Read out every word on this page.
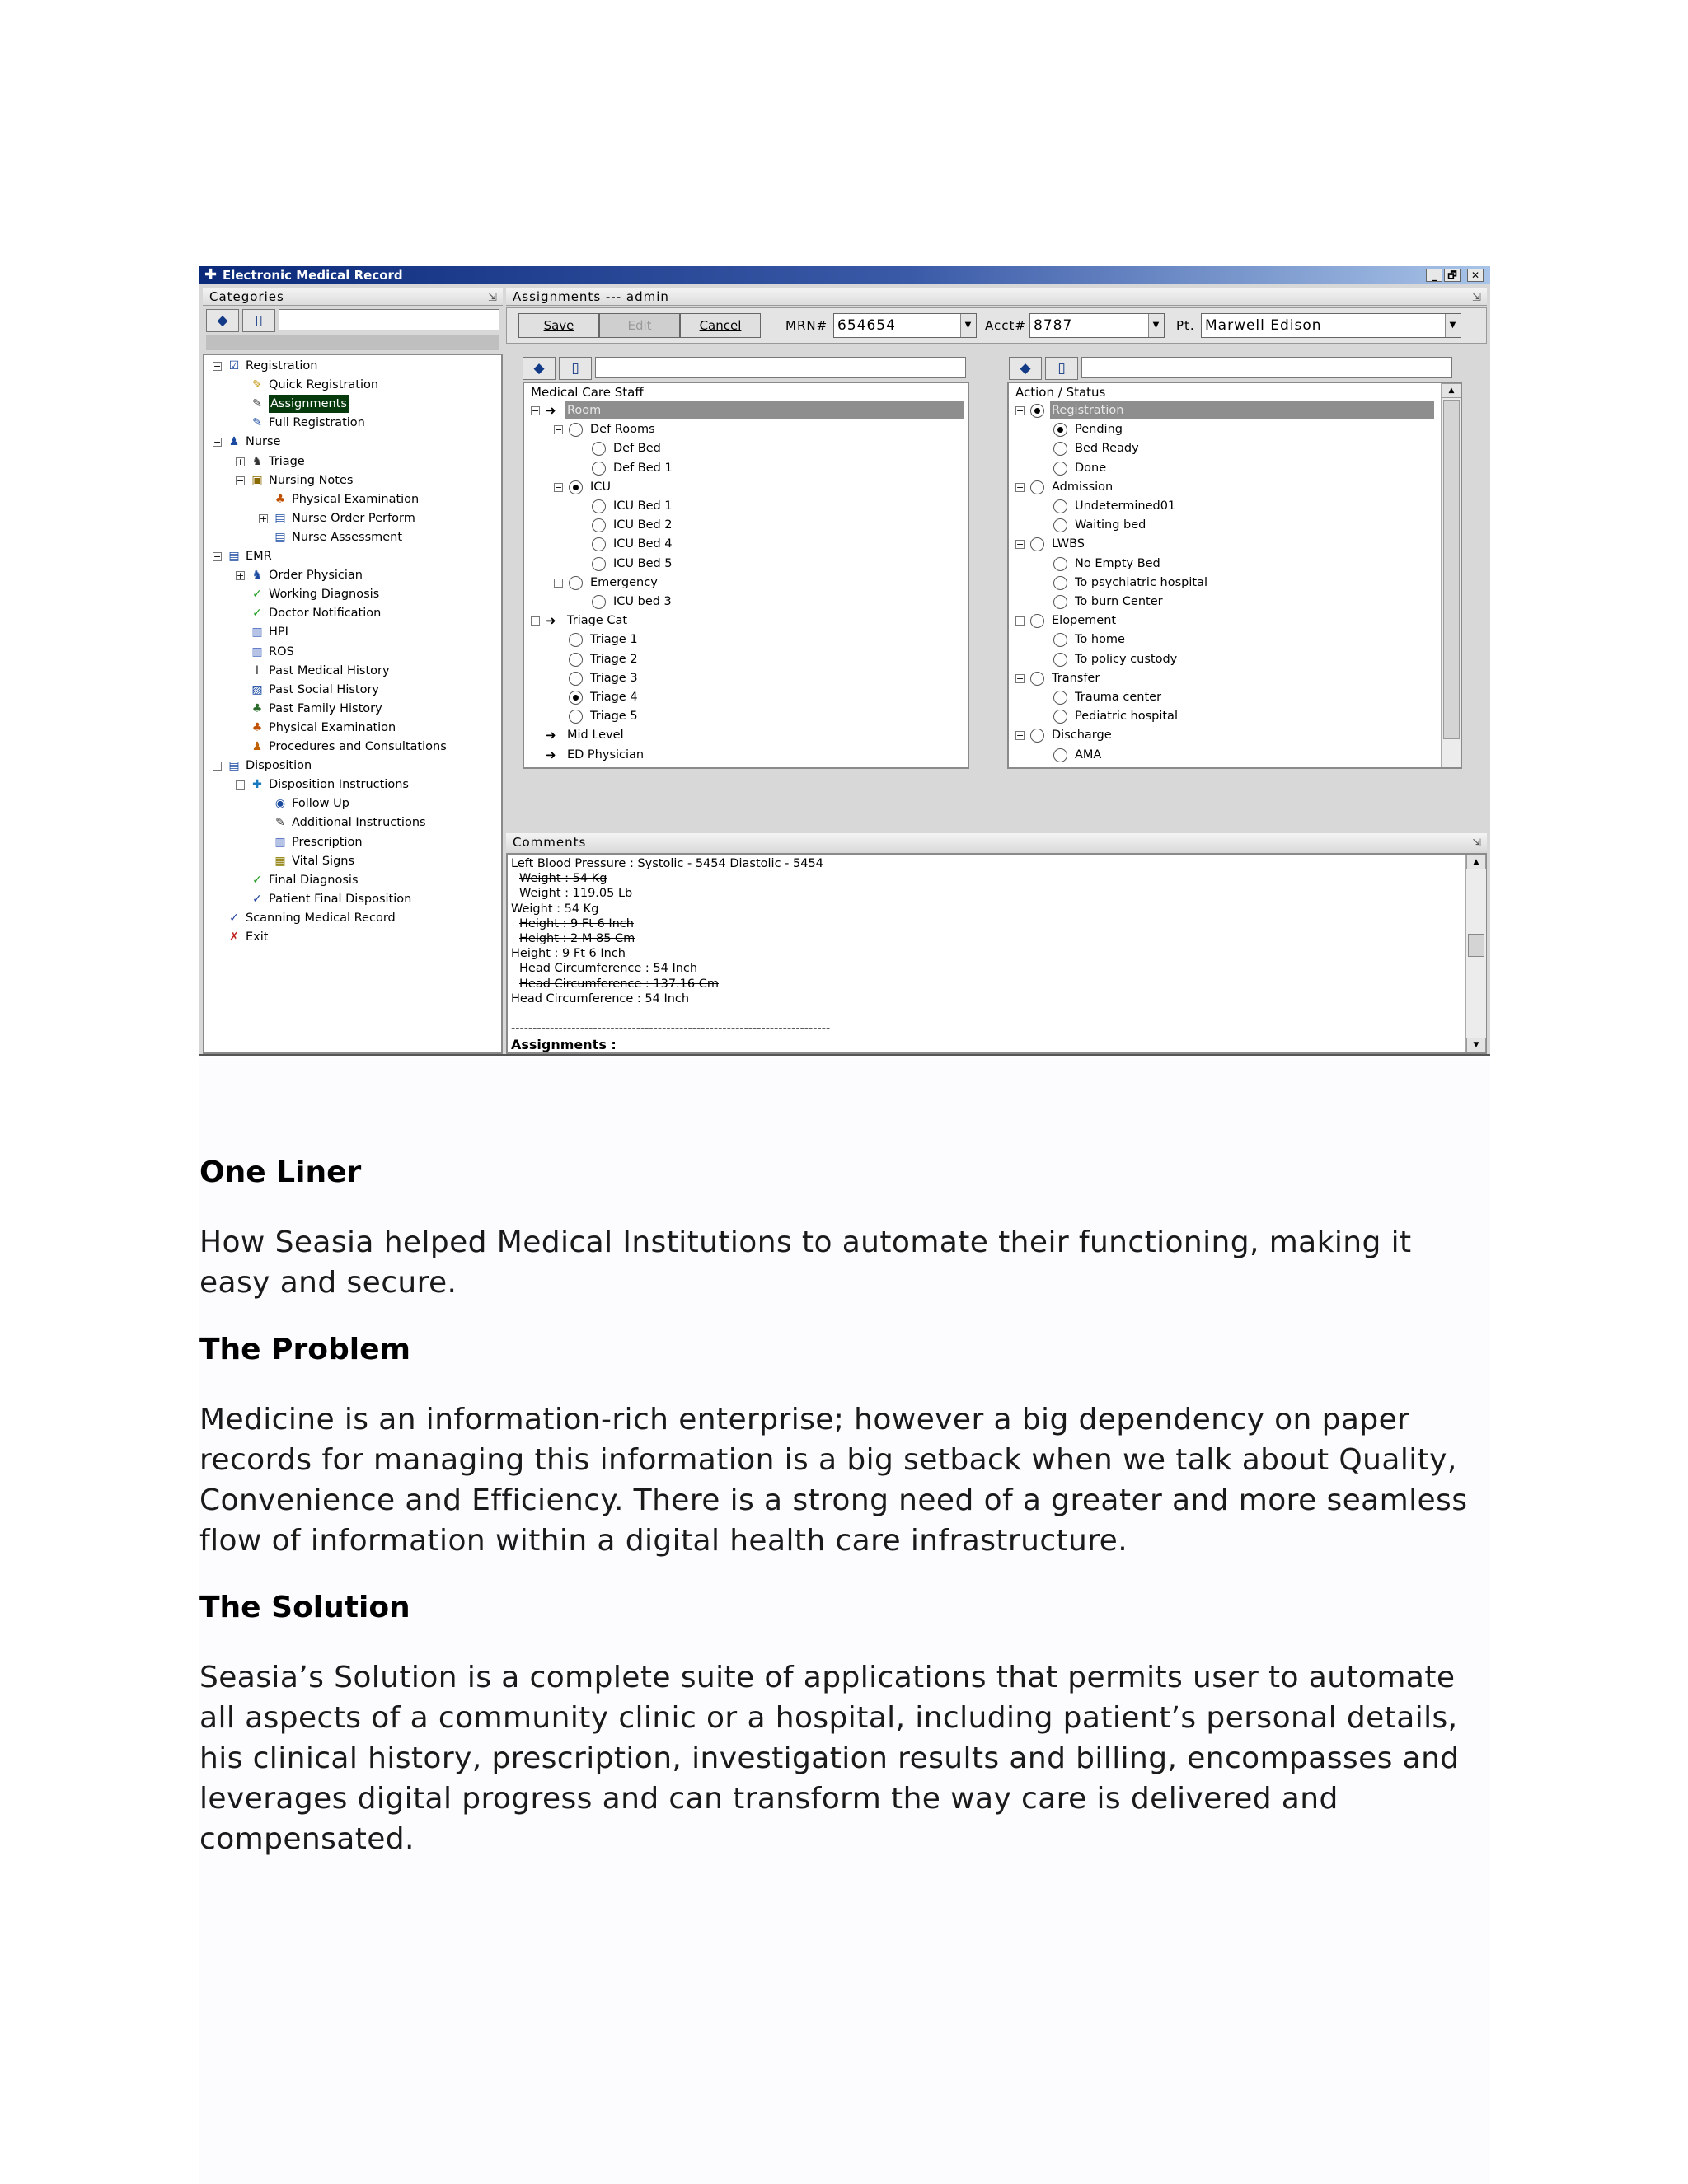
✚ Electronic Medical Record	_	🗗	✕
Categories	⇲
◆	▯
− ☑ Registration
✎ Quick Registration
✎ Assignments
✎ Full Registration
− ♟ Nurse
+ ♞ Triage
− ▣ Nursing Notes
♣ Physical Examination
+ ▤ Nurse Order Perform
▤ Nurse Assessment
− ▤ EMR
+ ♞ Order Physician
✓ Working Diagnosis
✓ Doctor Notification
▥ HPI
▥ ROS
Ⅰ Past Medical History
▨ Past Social History
♣ Past Family History
♣ Physical Examination
♟ Procedures and Consultations
− ▤ Disposition
− ✚ Disposition Instructions
◉ Follow Up
✎ Additional Instructions
▥ Prescription
▦ Vital Signs
✓ Final Diagnosis
✓ Patient Final Disposition
✓ Scanning Medical Record
✗ Exit
Assignments --- admin	⇲
Save	Edit	Cancel	MRN# 654654	▼	Acct# 8787	▼	Pt. Marwell Edison	▼
◆	▯
Medical Care Staff
− ➜ Room
− Def Rooms
Def Bed
Def Bed 1
− ICU
ICU Bed 1
ICU Bed 2
ICU Bed 4
ICU Bed 5
− Emergency
ICU bed 3
− ➜ Triage Cat
Triage 1
Triage 2
Triage 3
Triage 4
Triage 5
➜ Mid Level
➜ ED Physician
◆	▯
Action / Status
− Registration
Pending
Bed Ready
Done
− Admission
Undetermined01
Waiting bed
− LWBS
No Empty Bed
To psychiatric hospital
To burn Center
− Elopement
To home
To policy custody
− Transfer
Trauma center
Pediatric hospital
− Discharge
AMA
▲
Comments	⇲
Left Blood Pressure : Systolic - 5454 Diastolic - 5454
Weight : 54 Kg
Weight : 119.05 Lb
Weight : 54 Kg
Height : 9 Ft 6 Inch
Height : 2 M 85 Cm
Height : 9 Ft 6 Inch
Head Circumference : 54 Inch
Head Circumference : 137.16 Cm
Head Circumference : 54 Inch
--------------------------------------------------------------------------
Assignments :
▲
▼
One Liner

How Seasia helped Medical Institutions to automate their functioning, making it easy and secure.

The Problem

Medicine is an information-rich enterprise; however a big dependency on paper records for managing this information is a big setback when we talk about Quality, Convenience and Efficiency. There is a strong need of a greater and more seamless flow of information within a digital health care infrastructure.

The Solution

Seasia’s Solution is a complete suite of applications that permits user to automate all aspects of a community clinic or a hospital, including patient’s personal details, his clinical history, prescription, investigation results and billing, encompasses and leverages digital progress and can transform the way care is delivered and compensated.
